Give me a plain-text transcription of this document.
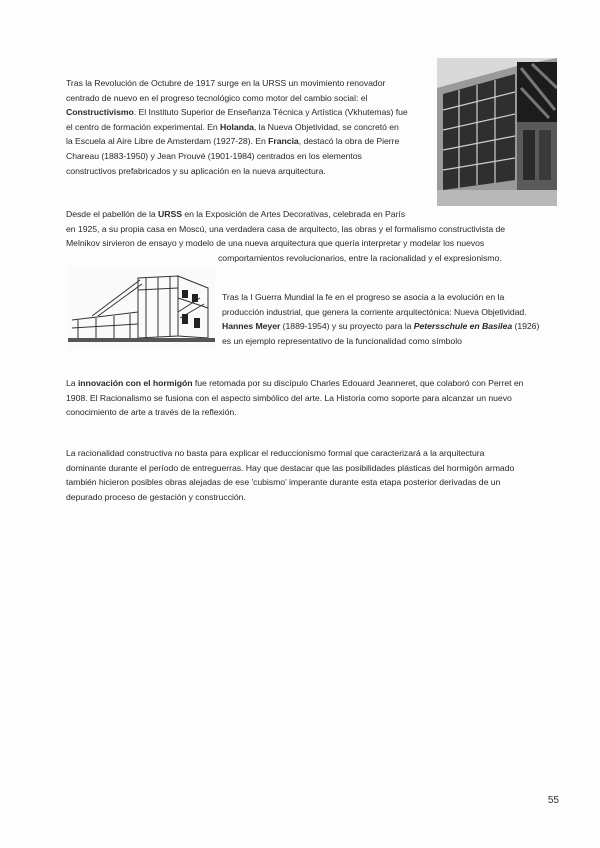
Tras la Revolución de Octubre de 1917 surge en la URSS un movimiento renovador
centrado de nuevo en el progreso tecnológico como motor del cambio social: el
Constructivismo. El Instituto Superior de Enseñanza Técnica y Artística (Vkhutemas) fue
el centro de formación experimental. En Holanda, la Nueva Objetividad, se concretó en
la Escuela al Aire Libre de Amsterdam (1927-28). En Francia, destacó la obra de Pierre
Chareau (1883-1950) y Jean Prouvé (1901-1984) centrados en los elementos
constructivos prefabricados y su aplicación en la nueva arquitectura.
Desde el pabellón de la URSS en la Exposición de Artes Decorativas, celebrada en París
en 1925, a su propia casa en Moscú, una verdadera casa de arquitecto, las obras y el formalismo constructivista de
Melnikov sirvieron de ensayo y modelo de una nueva arquitectura que quería interpretar y modelar los nuevos
comportamientos revolucionarios, entre la racionalidad y el expresionismo.
Tras la I Guerra Mundial la fe en el progreso se asocia a la evolución en la
producción industrial, que genera la corriente arquitectónica: Nueva Objetividad.
Hannes Meyer (1889-1954) y su proyecto para la Petersschule en Basilea (1926)
es un ejemplo representativo de la funcionalidad como símbolo
La innovación con el hormigón fue retomada por su discípulo Charles Edouard Jeanneret, que colaboró con Perret en
1908. El Racionalismo se fusiona con el aspecto simbólico del arte. La Historia como soporte para alcanzar un nuevo
conocimiento de arte a través de la reflexión.
La racionalidad constructiva no basta para explicar el reduccionismo formal que caracterizará a la arquitectura
dominante durante el período de entreguerras. Hay que destacar que las posibilidades plásticas del hormigón armado
también hicieron posibles obras alejadas de ese 'cubismo' imperante durante esta etapa posterior derivadas de un
depurado proceso de gestación y construcción.
55
